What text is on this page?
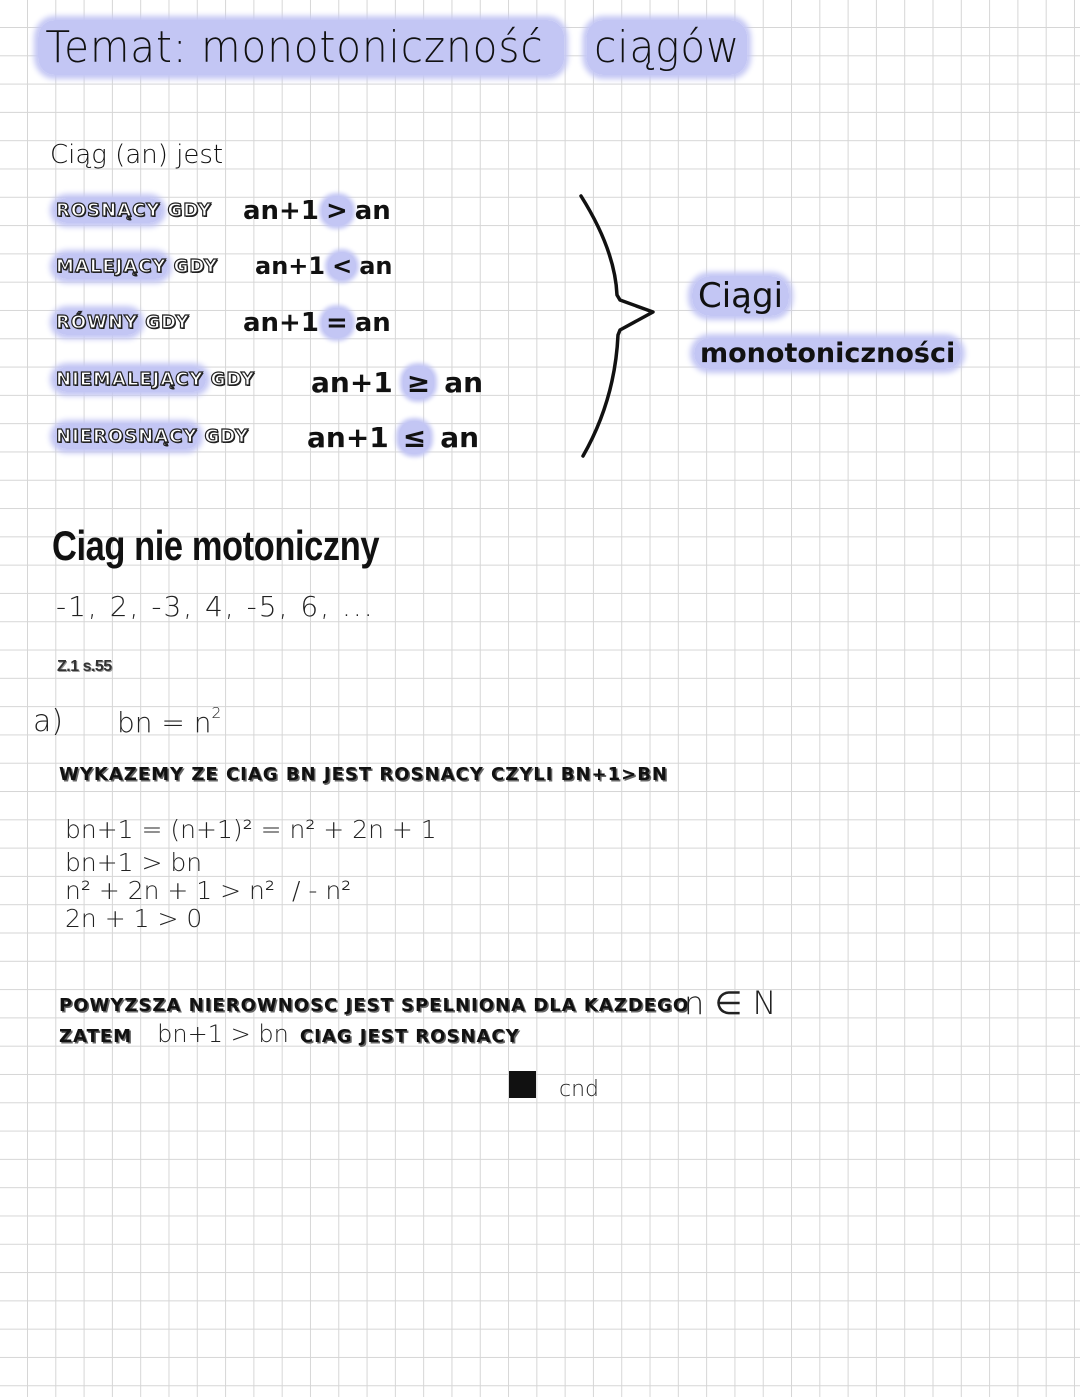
Temat: monotoniczność ciągów
Ciąg (an) jest
ROSNĄCY GDY an+1 > an
MALEJĄCY GDY an+1 < an
RÓWNY GDY an+1 = an
NIEMALEJĄCY GDY an+1 ≥ an
NIEROSNĄCY GDY an+1 ≤ an
Ciągi
monotoniczności
Ciag nie motoniczny
-1, 2, -3, 4, -5, 6, ...
Z.1 s.55
a) bn = $n^2$
WYKAZEMY ZE CIAG BN JEST ROSNACY CZYLI BN+1>BN
bn+1 = (n+1)² = n² + 2n + 1
bn+1 > bn
n² + 2n + 1 > n² / - n²
2n + 1 > 0
POWYZSZA NIEROWNOSC JEST SPELNIONA DLA KAZDEGO
n ∈ N
ZATEM bn+1 > bn CIAG JEST ROSNACY
cnd
